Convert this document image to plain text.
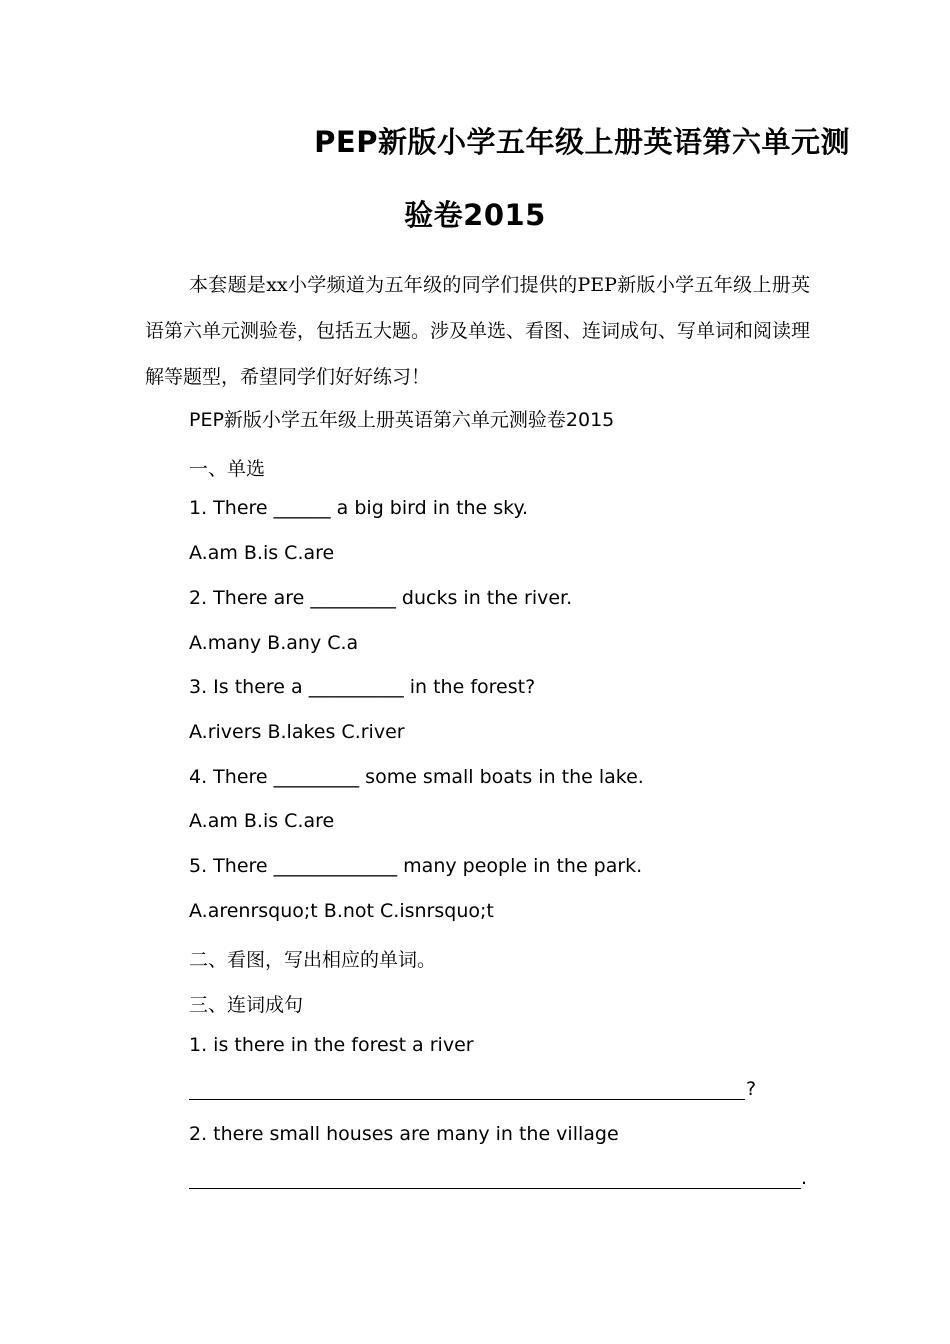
PEP新版小学五年级上册英语第六单元测
验卷2015
本套题是xx小学频道为五年级的同学们提供的PEP新版小学五年级上册英语第六单元测验卷，包括五大题。涉及单选、看图、连词成句、写单词和阅读理解等题型，希望同学们好好练习！
PEP新版小学五年级上册英语第六单元测验卷2015
一、单选
1. There ______ a big bird in the sky.
A.am B.is C.are
2. There are _________ ducks in the river.
A.many B.any C.a
3. Is there a __________ in the forest?
A.rivers B.lakes C.river
4. There _________ some small boats in the lake.
A.am B.is C.are
5. There _____________ many people in the park.
A.arenrsquo;t B.not C.isnrsquo;t
二、看图，写出相应的单词。
三、连词成句
1. is there in the forest a river
?
2. there small houses are many in the village
.
